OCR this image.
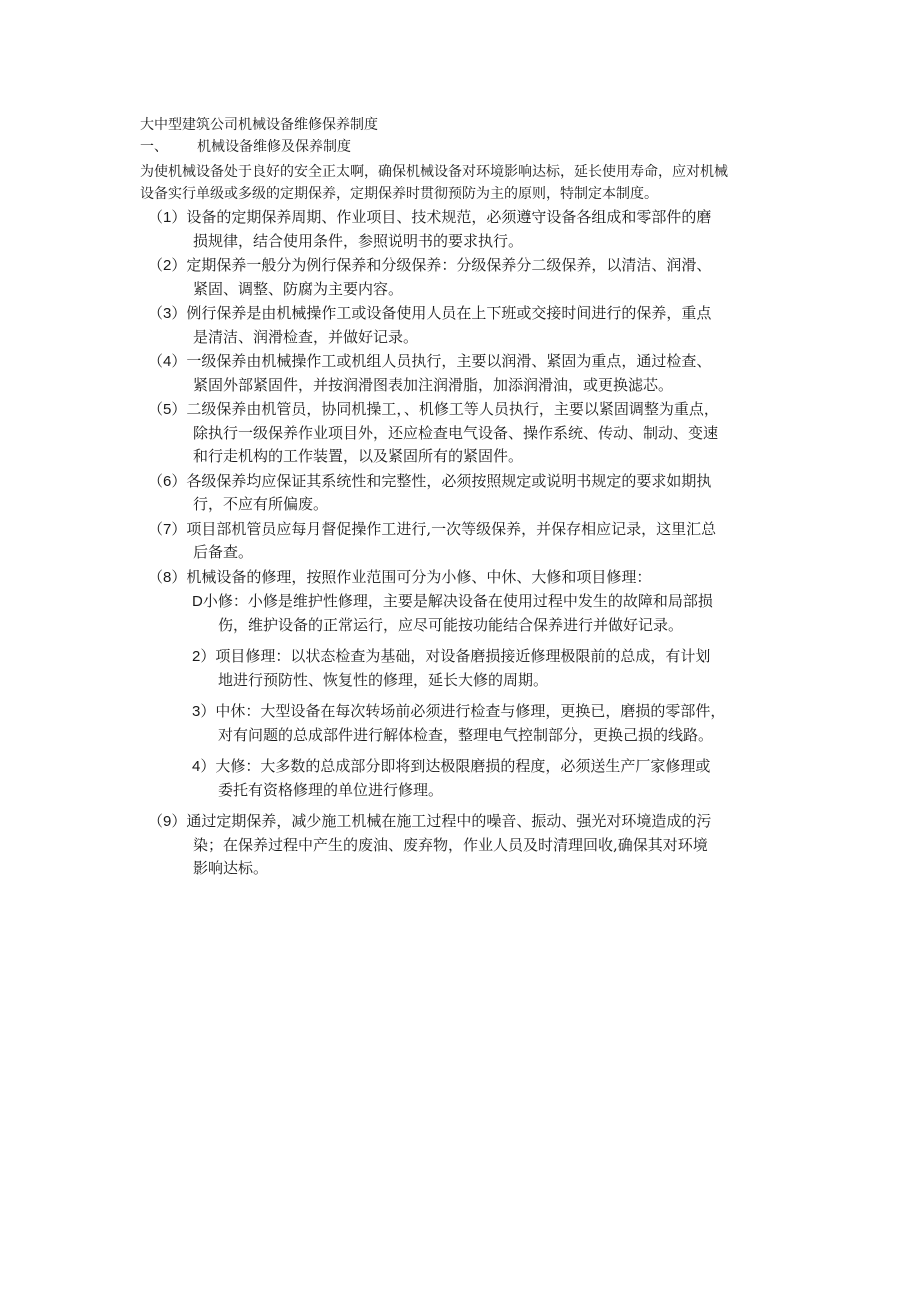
大中型建筑公司机械设备维修保养制度
一、 机械设备维修及保养制度
为使机械设备处于良好的安全正太啊，确保机械设备对环境影响达标，延长使用寿命，应对机械
设备实行单级或多级的定期保养，定期保养时贯彻预防为主的原则，特制定本制度。
（1）设备的定期保养周期、作业项目、技术规范，必须遵守设备各组成和零部件的磨
损规律，结合使用条件，参照说明书的要求执行。
（2）定期保养一般分为例行保养和分级保养：分级保养分二级保养，以清洁、润滑、
紧固、调整、防腐为主要内容。
（3）例行保养是由机械操作工或设备使用人员在上下班或交接时间进行的保养，重点
是清洁、润滑检查，并做好记录。
（4）一级保养由机械操作工或机组人员执行，主要以润滑、紧固为重点，通过检查、
紧固外部紧固件，并按润滑图表加注润滑脂，加添润滑油，或更换滤芯。
（5）二级保养由机管员，协同机操工，、机修工等人员执行，主要以紧固调整为重点，
除执行一级保养作业项目外，还应检查电气设备、操作系统、传动、制动、变速
和行走机构的工作装置，以及紧固所有的紧固件。
（6）各级保养均应保证其系统性和完整性，必须按照规定或说明书规定的要求如期执
行，不应有所偏废。
（7）项目部机管员应每月督促操作工进行,一次等级保养，并保存相应记录，这里汇总
后备查。
（8）机械设备的修理，按照作业范围可分为小修、中休、大修和项目修理：
D小修：小修是维护性修理，主要是解决设备在使用过程中发生的故障和局部损
伤，维护设备的正常运行，应尽可能按功能结合保养进行并做好记录。
2）项目修理：以状态检查为基础，对设备磨损接近修理极限前的总成，有计划
地进行预防性、恢复性的修理，延长大修的周期。
3）中休：大型设备在每次转场前必须进行检查与修理，更换已，磨损的零部件，
对有问题的总成部件进行解体检查，整理电气控制部分，更换己损的线路。
4）大修：大多数的总成部分即将到达极限磨损的程度，必须送生产厂家修理或
委托有资格修理的单位进行修理。
（9）通过定期保养，减少施工机械在施工过程中的噪音、振动、强光对环境造成的污
染；在保养过程中产生的废油、废弃物，作业人员及时清理回收,确保其对环境
影响达标。
